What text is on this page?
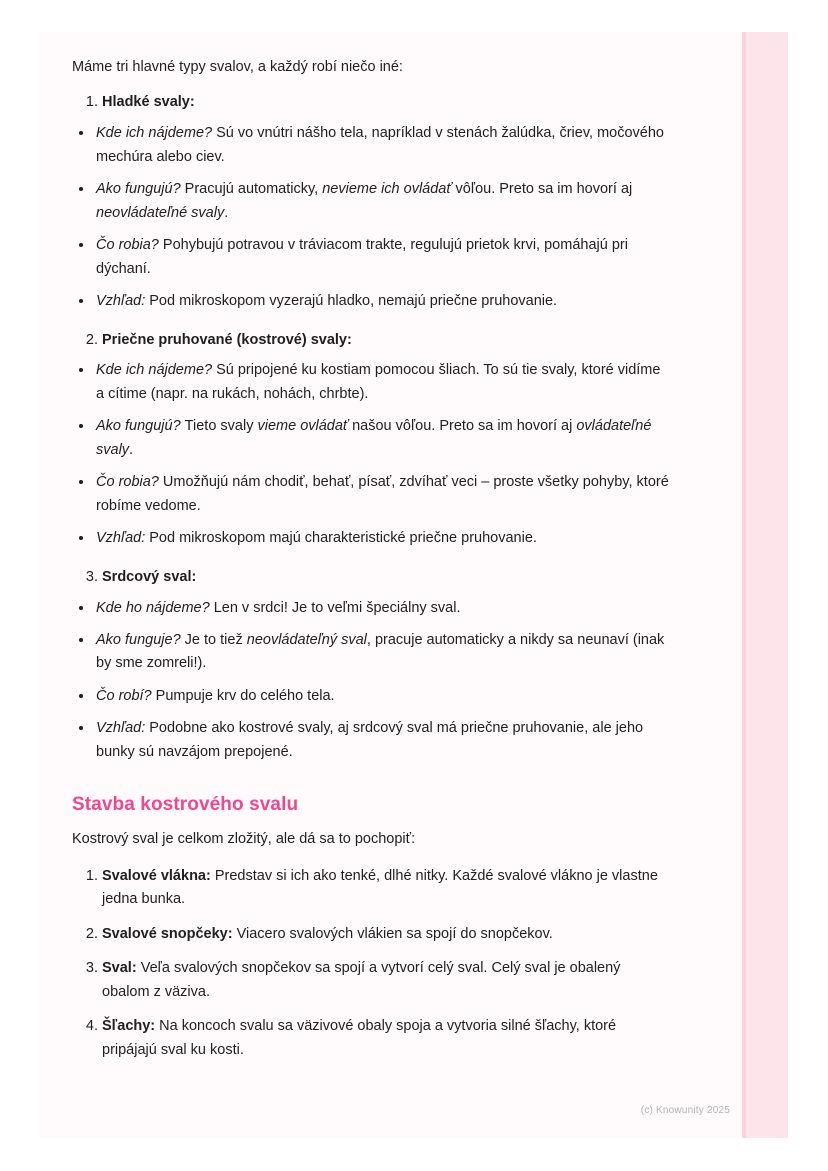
Máme tri hlavné typy svalov, a každý robí niečo iné:

1. Hladké svaly:
• Kde ich nájdeme? Sú vo vnútri nášho tela, napríklad v stenách žalúdka, čriev, močového mechúra alebo ciev.
• Ako fungujú? Pracujú automaticky, nevieme ich ovládať vôľou. Preto sa im hovorí aj neovládateľné svaly.
• Čo robia? Pohybujú potravou v tráviacom trakte, regulujú prietok krvi, pomáhajú pri dýchaní.
• Vzhľad: Pod mikroskopom vyzerajú hladko, nemajú priečne pruhovanie.
2. Priečne pruhované (kostrové) svaly:
• Kde ich nájdeme? Sú pripojené ku kostiam pomocou šliach. To sú tie svaly, ktoré vidíme a cítime (napr. na rukách, nohách, chrbte).
• Ako fungujú? Tieto svaly vieme ovládať našou vôľou. Preto sa im hovorí aj ovládateľné svaly.
• Čo robia? Umožňujú nám chodiť, behať, písať, zdvíhať veci – proste všetky pohyby, ktoré robíme vedome.
• Vzhľad: Pod mikroskopom majú charakteristické priečne pruhovanie.
3. Srdcový sval:
• Kde ho nájdeme? Len v srdci! Je to veľmi špeciálny sval.
• Ako funguje? Je to tiež neovládateľný sval, pracuje automaticky a nikdy sa neunaví (inak by sme zomreli!).
• Čo robí? Pumpuje krv do celého tela.
• Vzhľad: Podobne ako kostrové svaly, aj srdcový sval má priečne pruhovanie, ale jeho bunky sú navzájom prepojené.
Stavba kostrového svalu

Kostrový sval je celkom zložitý, ale dá sa to pochopiť:

1. Svalové vlákna: Predstav si ich ako tenké, dlhé nitky. Každé svalové vlákno je vlastne jedna bunka.
2. Svalové snopčeky: Viacero svalových vlákien sa spojí do snopčekov.
3. Sval: Veľa svalových snopčekov sa spojí a vytvorí celý sval. Celý sval je obalený obalom z väziva.
4. Šľachy: Na koncoch svalu sa väzivové obaly spoja a vytvoria silné šľachy, ktoré pripájajú sval ku kosti.
(c) Knowunity 2025
